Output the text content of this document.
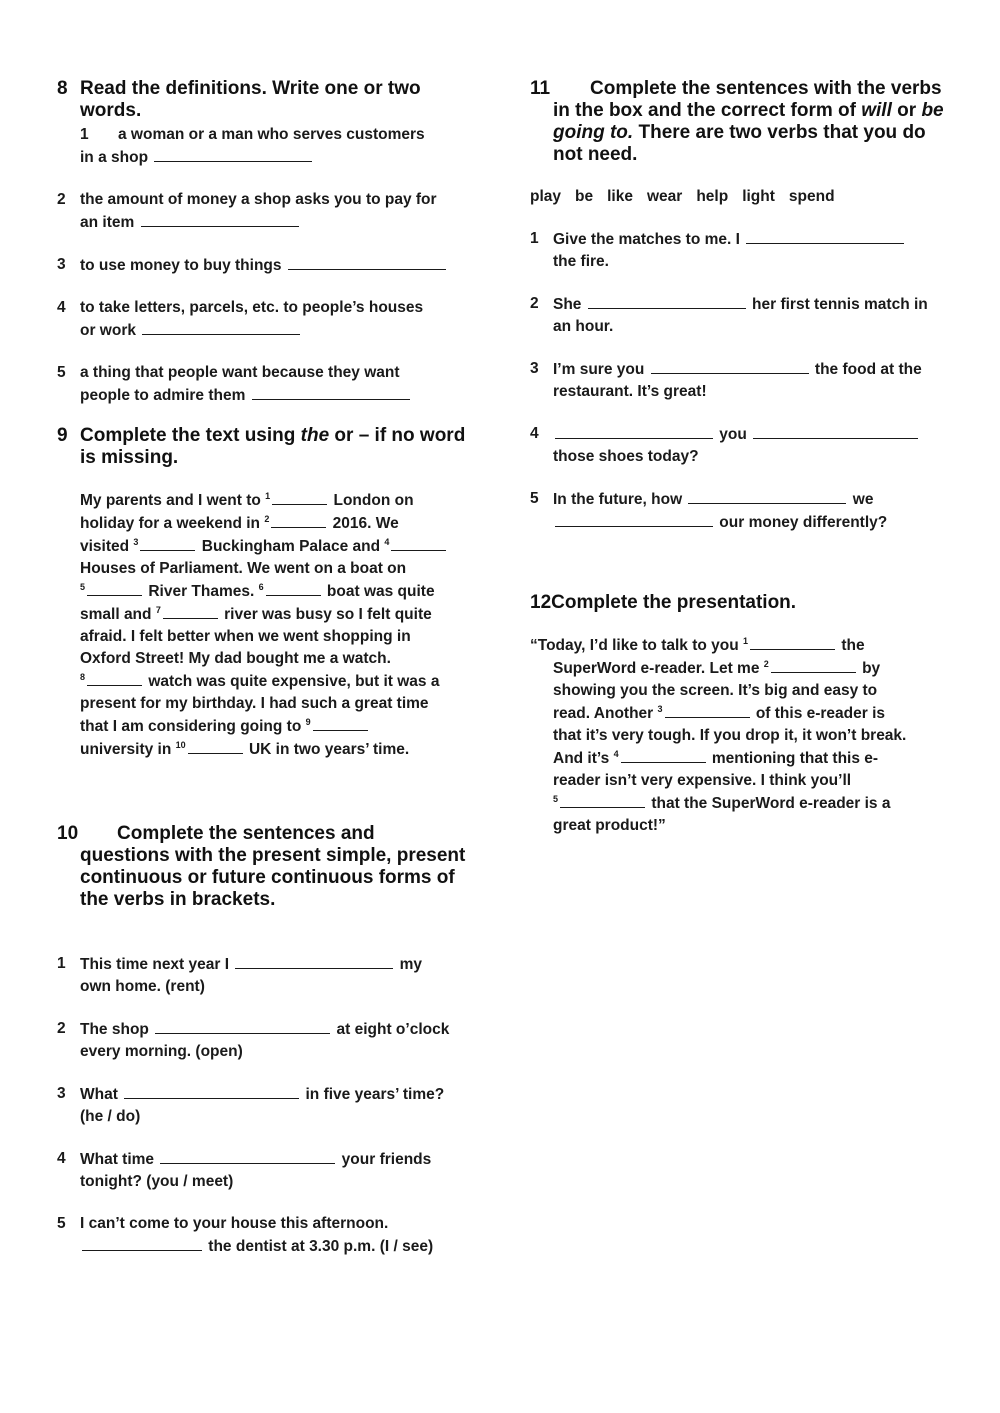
8 Read the definitions. Write one or two words.
1 a woman or a man who serves customers
in a shop
2 the amount of money a shop asks you to pay for
an item
3 to use money to buy things
4 to take letters, parcels, etc. to people’s houses
or work
5 a thing that people want because they want
people to admire them
9 Complete the text using the or – if no word is missing.
My parents and I went to $^1$	London on
holiday for a weekend in $^2$	2016. We
visited $^3$	Buckingham Palace and $^4$
Houses of Parliament. We went on a boat on
$^5$	River Thames. $^6$	boat was quite
small and $^7$	river was busy so I felt quite
afraid. I felt better when we went shopping in
Oxford Street! My dad bought me a watch.
$^8$	watch was quite expensive, but it was a
present for my birthday. I had such a great time
that I am considering going to $^9$
university in $^{10}$	UK in two years’ time.
10	Complete the sentences and questions with the present simple, present continuous or future continuous forms of the verbs in brackets.
1 This time next year I	my
own home. (rent)
2 The shop	at eight o’clock
every morning. (open)
3 What	in five years’ time?
(he / do)
4 What time	your friends
tonight? (you / meet)
5 I can’t come to your house this afternoon.
the dentist at 3.30 p.m. (I / see)
11	Complete the sentences with the verbs in the box and the correct form of will or be going to. There are two verbs that you do not need.
play be like wear help light spend
1 Give the matches to me. I
the fire.
2 She	her first tennis match in
an hour.
3 I’m sure you	the food at the
restaurant. It’s great!
4	you
those shoes today?
5 In the future, how	we
our money differently?
12Complete the presentation.
“Today, I’d like to talk to you $^1$	the
SuperWord e-reader. Let me $^2$	by
showing you the screen. It’s big and easy to
read. Another $^3$	of this e-reader is
that it’s very tough. If you drop it, it won’t break.
And it’s $^4$	mentioning that this e-
reader isn’t very expensive. I think you’ll
$^5$	that the SuperWord e-reader is a
great product!”
